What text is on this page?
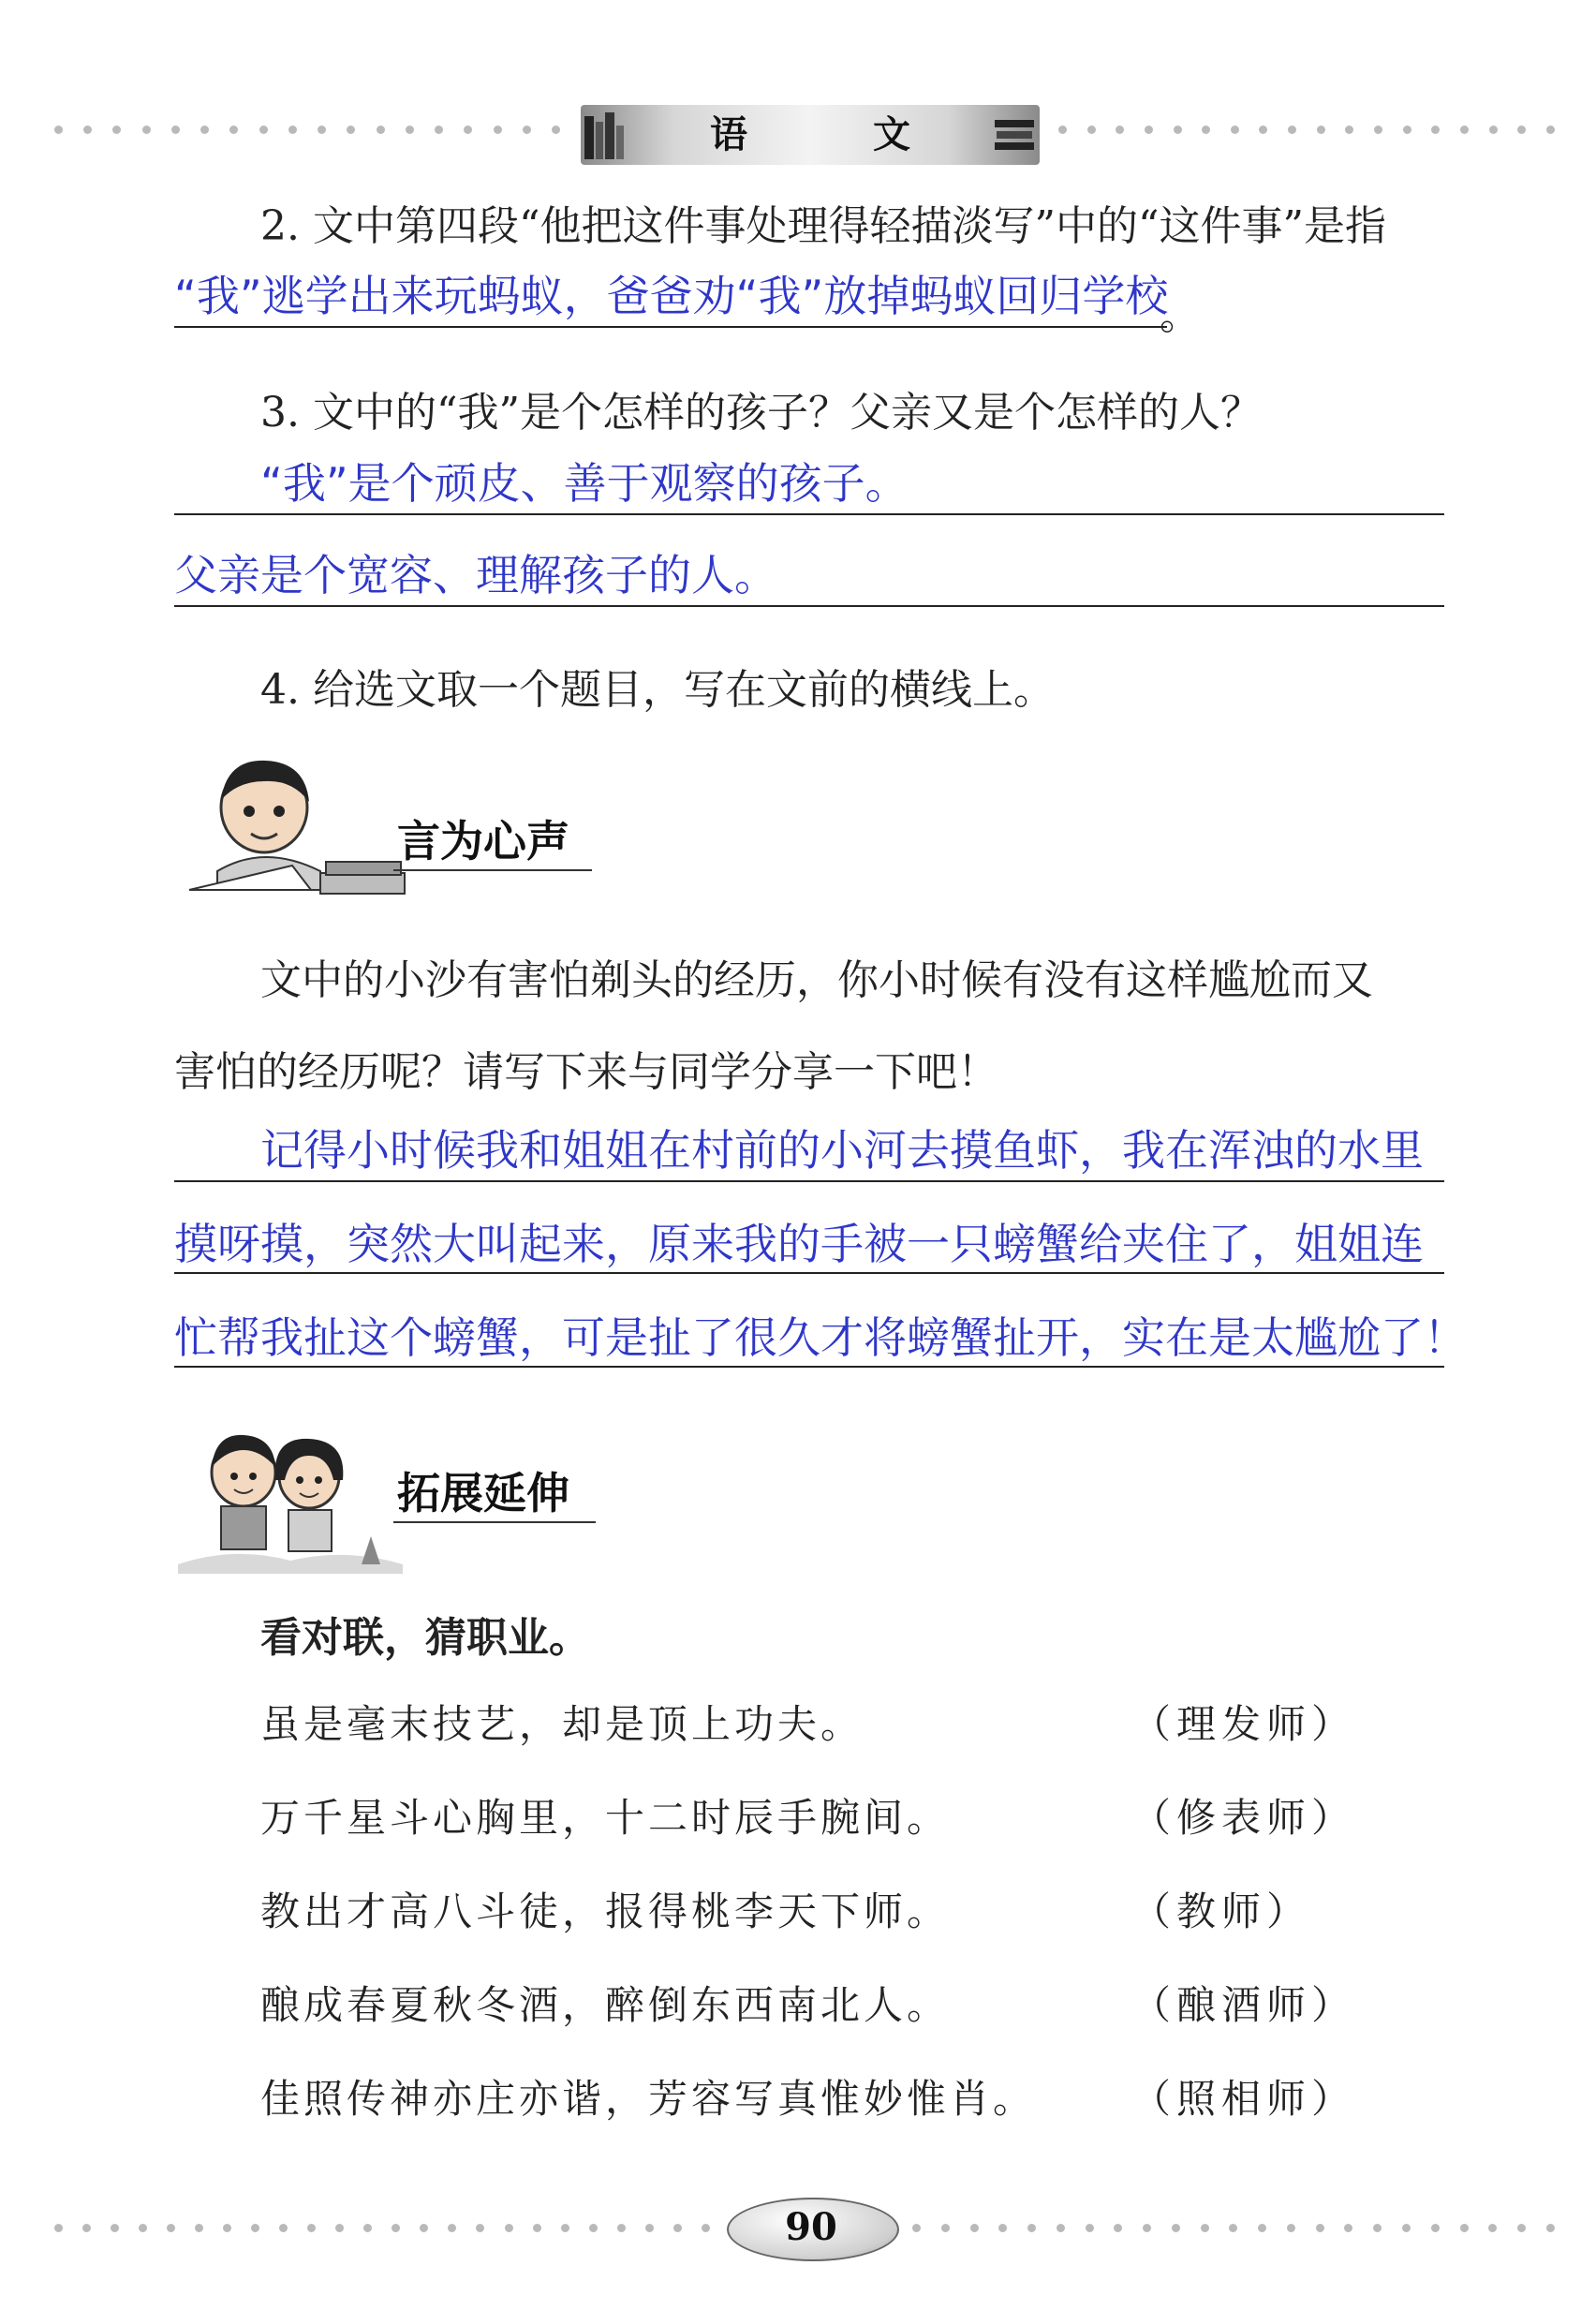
语 文
2. 文中第四段“他把这件事处理得轻描淡写”中的“这件事”是指
“我”逃学出来玩蚂蚁，爸爸劝“我”放掉蚂蚁回归学校
。
3. 文中的“我”是个怎样的孩子？父亲又是个怎样的人？
“我”是个顽皮、善于观察的孩子。
父亲是个宽容、理解孩子的人。
4. 给选文取一个题目，写在文前的横线上。
言为心声
文中的小沙有害怕剃头的经历，你小时候有没有这样尴尬而又
害怕的经历呢？请写下来与同学分享一下吧！
记得小时候我和姐姐在村前的小河去摸鱼虾，我在浑浊的水里
摸呀摸，突然大叫起来，原来我的手被一只螃蟹给夹住了，姐姐连
忙帮我扯这个螃蟹，可是扯了很久才将螃蟹扯开，实在是太尴尬了！
拓展延伸
看对联，猜职业。
虽是毫末技艺，却是顶上功夫。	（理发师）
万千星斗心胸里，十二时辰手腕间。	（修表师）
教出才高八斗徒，报得桃李天下师。	（教师）
酿成春夏秋冬酒，醉倒东西南北人。	（酿酒师）
佳照传神亦庄亦谐，芳容写真惟妙惟肖。 （照相师）
90
